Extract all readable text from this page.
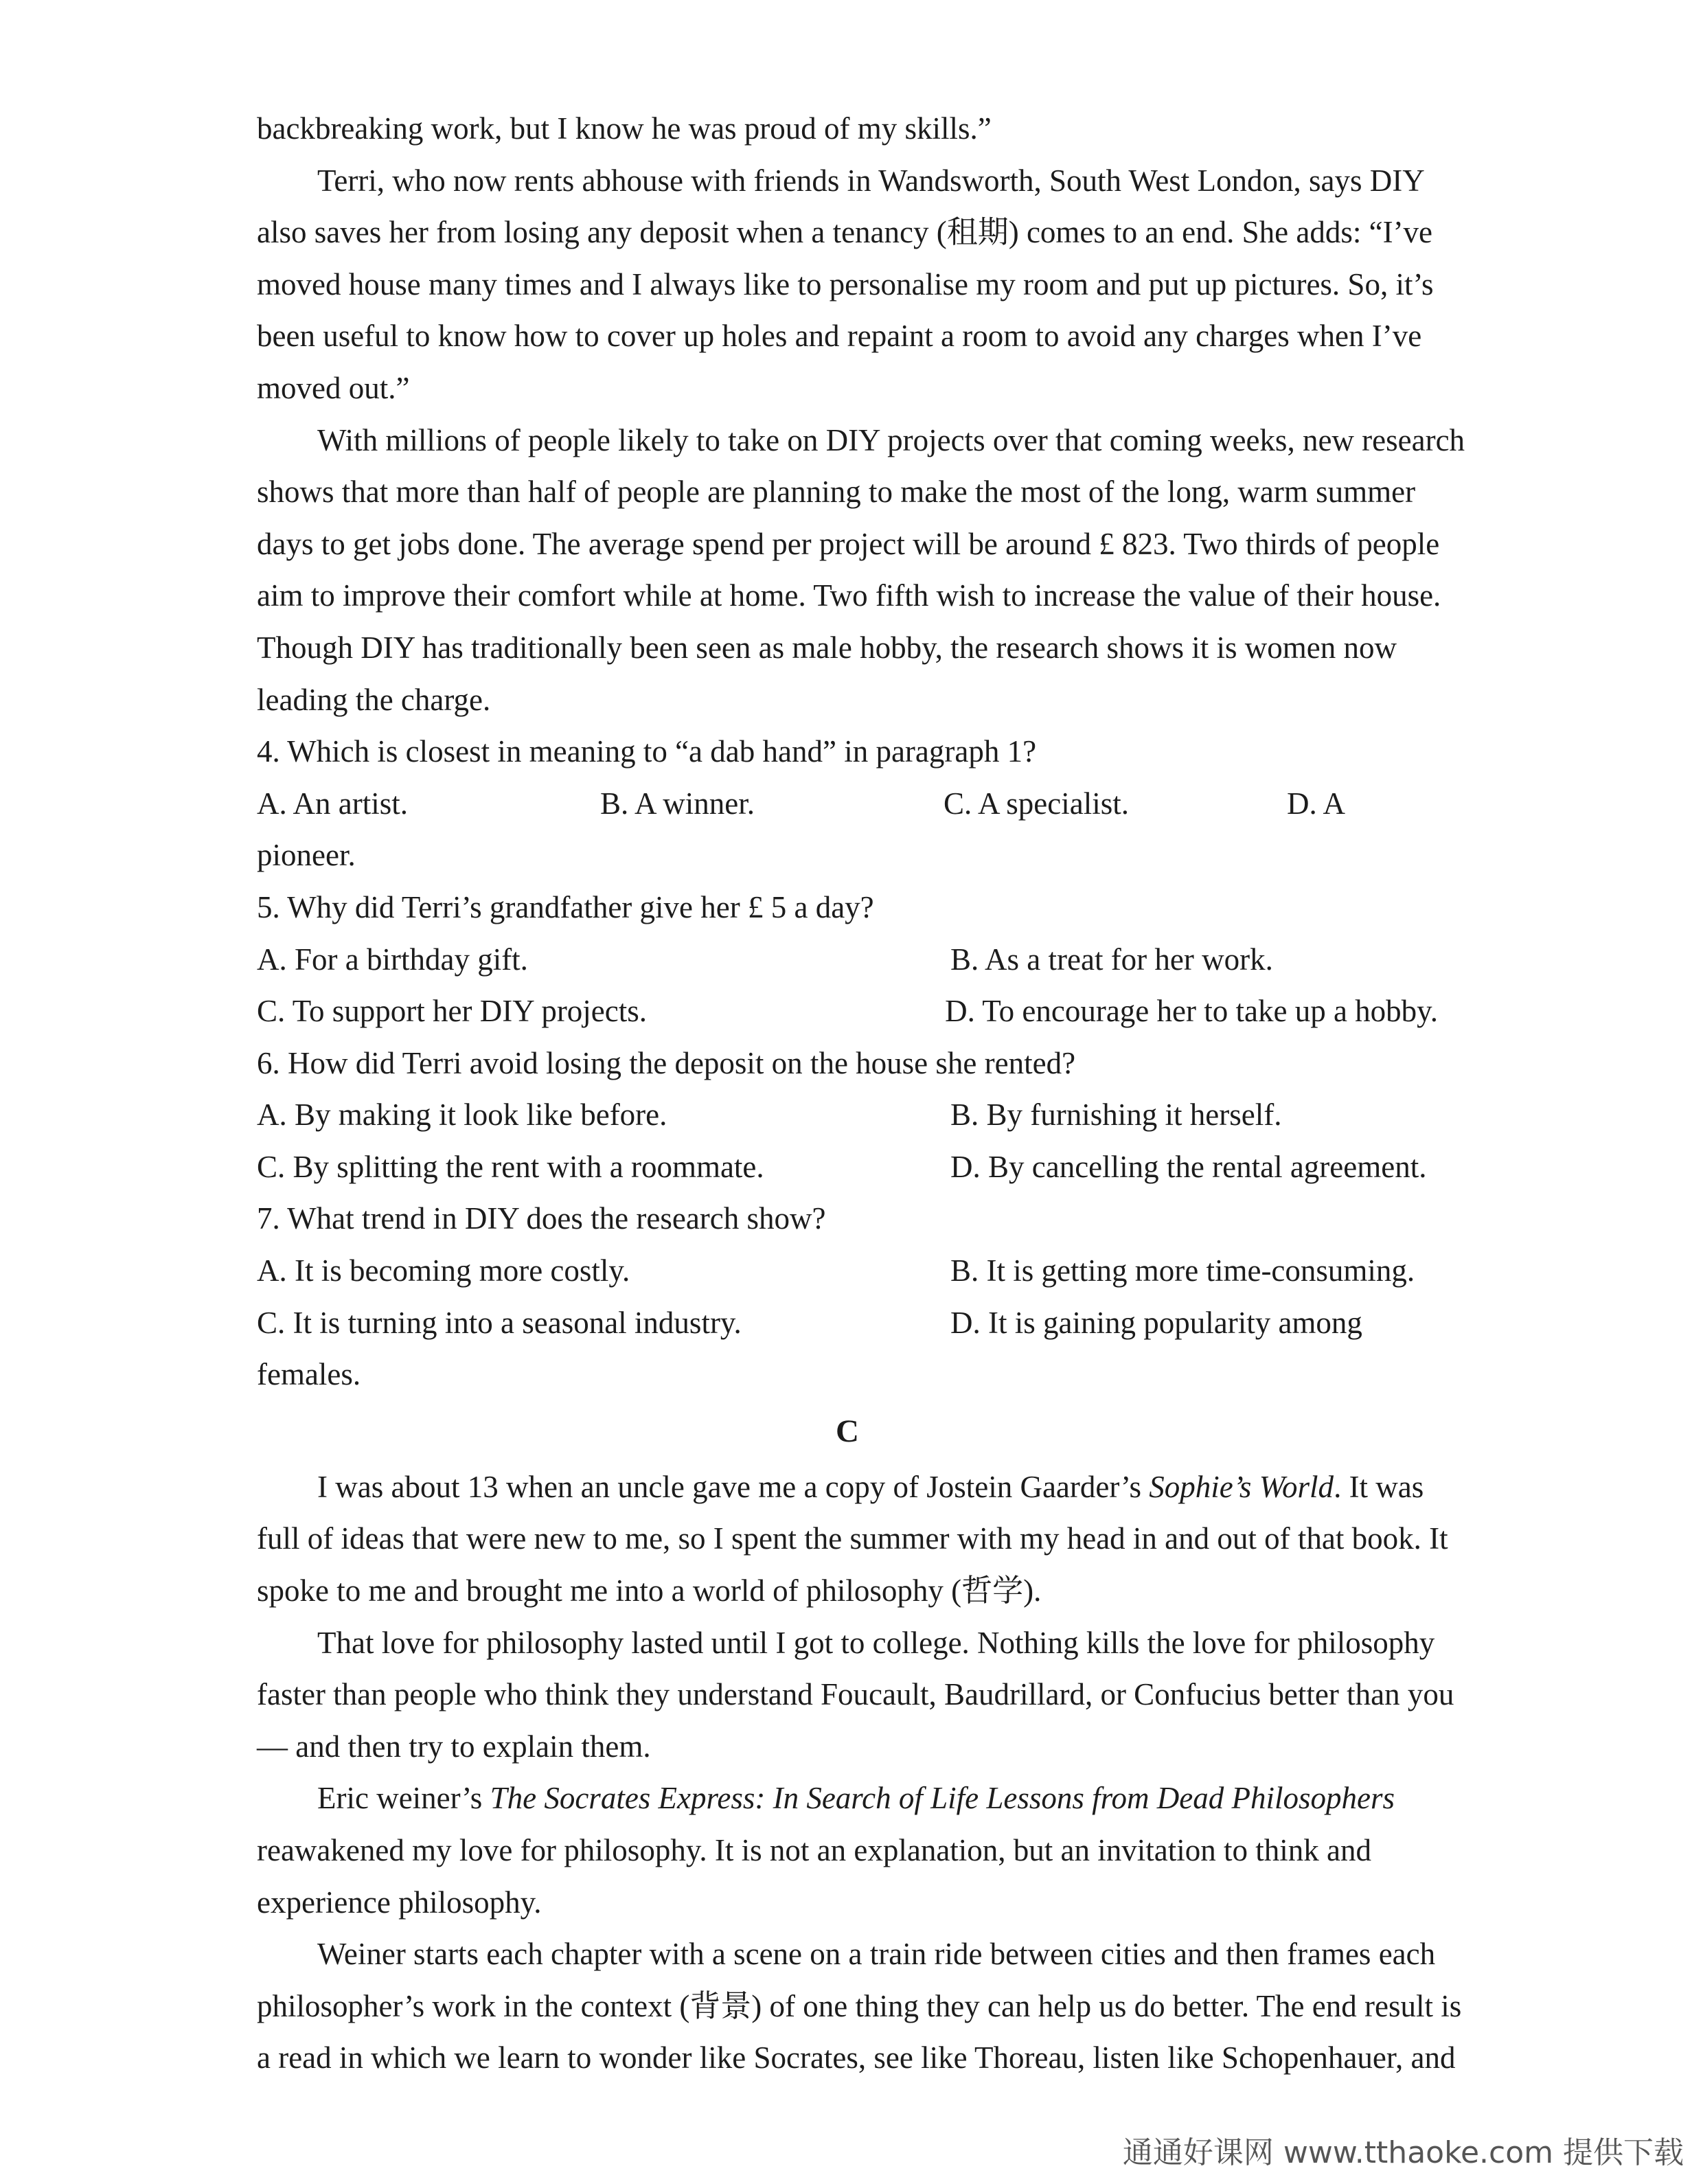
backbreaking work, but I know he was proud of my skills.”

Terri, who now rents abhouse with friends in Wandsworth, South West London, says DIY

also saves her from losing any deposit when a tenancy (租期) comes to an end. She adds: “I’ve

moved house many times and I always like to personalise my room and put up pictures. So, it’s

been useful to know how to cover up holes and repaint a room to avoid any charges when I’ve

moved out.”

With millions of people likely to take on DIY projects over that coming weeks, new research

shows that more than half of people are planning to make the most of the long, warm summer

days to get jobs done. The average spend per project will be around £ 823. Two thirds of people

aim to improve their comfort while at home. Two fifth wish to increase the value of their house.

Though DIY has traditionally been seen as male hobby, the research shows it is women now

leading the charge.

4. Which is closest in meaning to “a dab hand” in paragraph 1?

A. An artist.	B. A winner.	C. A specialist.	D. A

pioneer.

5. Why did Terri’s grandfather give her £ 5 a day?

A. For a birthday gift.	B. As a treat for her work.
C. To support her DIY projects.	D. To encourage her to take up a hobby.

6. How did Terri avoid losing the deposit on the house she rented?

A. By making it look like before.	B. By furnishing it herself.
C. By splitting the rent with a roommate.	D. By cancelling the rental agreement.

7. What trend in DIY does the research show?

A. It is becoming more costly.	B. It is getting more time-consuming.
C. It is turning into a seasonal industry.	D. It is gaining popularity among

females.

C

I was about 13 when an uncle gave me a copy of Jostein Gaarder’s Sophie’s World. It was

full of ideas that were new to me, so I spent the summer with my head in and out of that book. It

spoke to me and brought me into a world of philosophy (哲学).

That love for philosophy lasted until I got to college. Nothing kills the love for philosophy

faster than people who think they understand Foucault, Baudrillard, or Confucius better than you

— and then try to explain them.

Eric weiner’s The Socrates Express: In Search of Life Lessons from Dead Philosophers

reawakened my love for philosophy. It is not an explanation, but an invitation to think and

experience philosophy.

Weiner starts each chapter with a scene on a train ride between cities and then frames each

philosopher’s work in the context (背景) of one thing they can help us do better. The end result is

a read in which we learn to wonder like Socrates, see like Thoreau, listen like Schopenhauer, and

通通好课网 www.tthaoke.com 提供下载
